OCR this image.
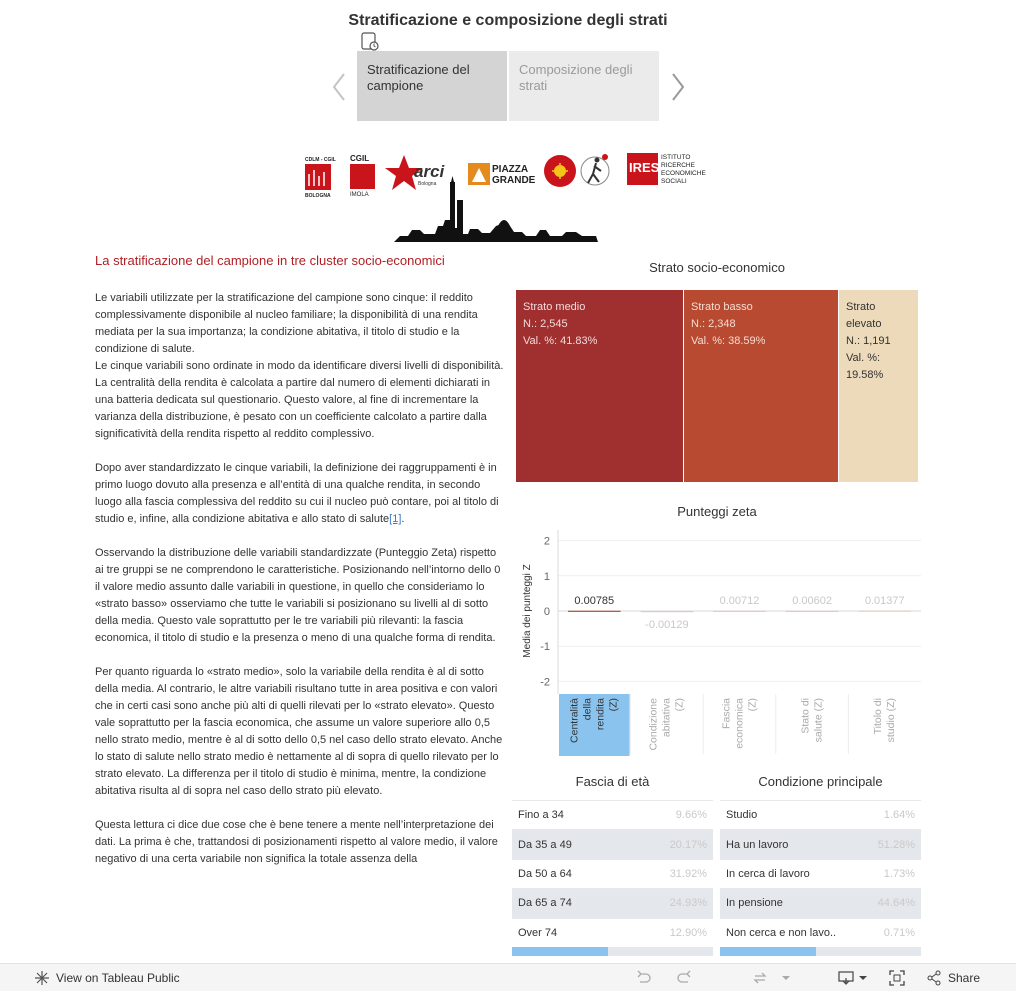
Stratificazione e composizione degli strati
Stratificazione del campione
Composizione degli strati
CDLM - CGIL
BOLOGNA
CGIL
IMOLA
arci
Bologna
PIAZZA
GRANDE
IRES
ISTITUTO
RICERCHE
ECONOMICHE
SOCIALI
La stratificazione del campione in tre cluster socio-economici

Le variabili utilizzate per la stratificazione del campione sono cinque: il reddito complessivamente disponibile al nucleo familiare; la disponibilità di una rendita mediata per la sua importanza; la condizione abitativa, il titolo di studio e la condizione di salute.
Le cinque variabili sono ordinate in modo da identificare diversi livelli di disponibilità.
La centralità della rendita è calcolata a partire dal numero di elementi dichiarati in una batteria dedicata sul questionario. Questo valore, al fine di incrementare la varianza della distribuzione, è pesato con un coefficiente calcolato a partire dalla significatività della rendita rispetto al reddito complessivo.

Dopo aver standardizzato le cinque variabili, la definizione dei raggruppamenti è in primo luogo dovuto alla presenza e all’entità di una qualche rendita, in secondo luogo alla fascia complessiva del reddito su cui il nucleo può contare, poi al titolo di studio e, infine, alla condizione abitativa e allo stato di salute[1].

Osservando la distribuzione delle variabili standardizzate (Punteggio Zeta) rispetto ai tre gruppi se ne comprendono le caratteristiche. Posizionando nell’intorno dello 0 il valore medio assunto dalle variabili in questione, in quello che consideriamo lo «strato basso» osserviamo che tutte le variabili si posizionano su livelli al di sotto della media. Questo vale soprattutto per le tre variabili più rilevanti: la fascia economica, il titolo di studio e la presenza o meno di una qualche forma di rendita.

Per quanto riguarda lo «strato medio», solo la variabile della rendita è al di sotto della media. Al contrario, le altre variabili risultano tutte in area positiva e con valori che in certi casi sono anche più alti di quelli rilevati per lo «strato elevato». Questo vale soprattutto per la fascia economica, che assume un valore superiore allo 0,5 nello strato medio, mentre è al di sotto dello 0,5 nel caso dello strato elevato. Anche lo stato di salute nello strato medio è nettamente al di sopra di quello rilevato per lo strato elevato. La differenza per il titolo di studio è minima, mentre, la condizione abitativa risulta al di sopra nel caso dello strato più elevato.

Questa lettura ci dice due cose che è bene tenere a mente nell’interpretazione dei dati. La prima è che, trattandosi di posizionamenti rispetto al valore medio, il valore negativo di una certa variabile non significa la totale assenza della

Strato socio-economico
Strato medio
N.: 2,545
Val. %: 41.83%
Strato basso
N.: 2,348
Val. %: 38.59%
Strato elevato
N.: 1,191
Val. %: 19.58%
Punteggi zeta
2
1
0
-1
-2
Media dei punteggi Z	0.00785
-0.00129
0.00712	0.00602	0.01377
Centralità della rendita (Z)	Condizione abitativa (Z)	Fascia economica (Z)	Stato di salute (Z)	Titolo di studio (Z)
Fascia di età
Fino a 34	9.66%
Da 35 a 49	20.17%
Da 50 a 64	31.92%
Da 65 a 74	24.93%
Over 74	12.90%
Condizione principale
Studio	1.64%
Ha un lavoro	51.28%
In cerca di lavoro	1.73%
In pensione	44.64%
Non cerca e non lavo..	0.71%
View on Tableau Public	Share
